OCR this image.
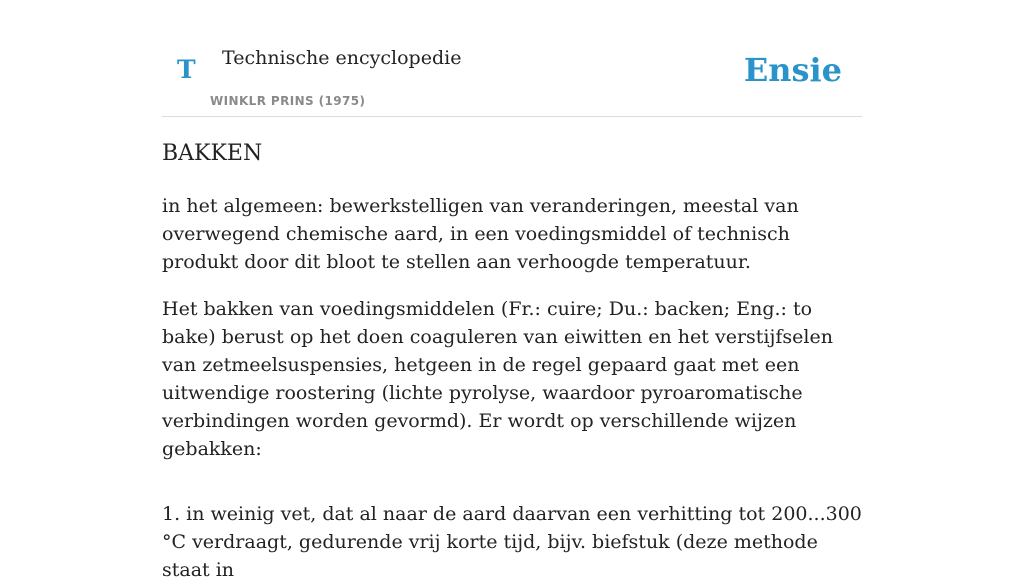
T Technische encyclopedie
WINKLR PRINS (1975)
Ensie
BAKKEN

in het algemeen: bewerkstelligen van veranderingen, meestal van overwegend chemische aard, in een voedingsmiddel of technisch produkt door dit bloot te stellen aan verhoogde temperatuur.

Het bakken van voedingsmiddelen (Fr.: cuire; Du.: backen; Eng.: to bake) berust op het doen coaguleren van eiwitten en het verstijfselen van zetmeelsuspensies, hetgeen in de regel gepaard gaat met een uitwendige roostering (lichte pyrolyse, waardoor pyroaromatische verbindingen worden gevormd). Er wordt op verschillende wijzen gebakken:

1. in weinig vet, dat al naar de aard daarvan een verhitting tot 200...300 °C verdraagt, gedurende vrij korte tijd, bijv. biefstuk (deze methode staat in
